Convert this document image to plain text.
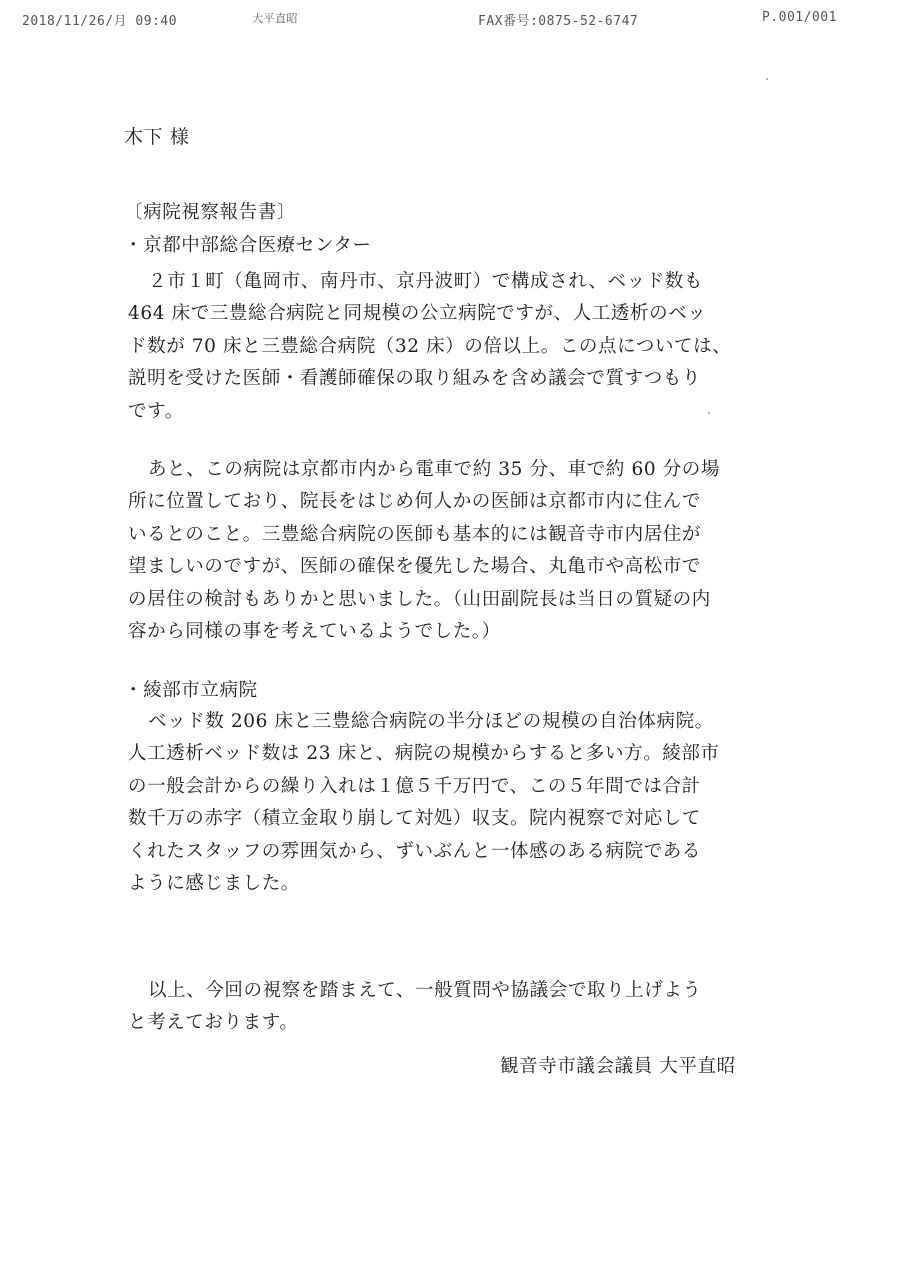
2018/11/26/月 09:40	大平直昭	FAX番号:0875-52-6747	P.001/001
木下 様
〔病院視察報告書〕
・京都中部総合医療センター
２市１町（亀岡市、南丹市、京丹波町）で構成され、ベッド数も
464 床で三豊総合病院と同規模の公立病院ですが、人工透析のベッ
ド数が 70 床と三豊総合病院（32 床）の倍以上。この点については、
説明を受けた医師・看護師確保の取り組みを含め議会で質すつもり
です。
あと、この病院は京都市内から電車で約 35 分、車で約 60 分の場
所に位置しており、院長をはじめ何人かの医師は京都市内に住んで
いるとのこと。三豊総合病院の医師も基本的には観音寺市内居住が
望ましいのですが、医師の確保を優先した場合、丸亀市や高松市で
の居住の検討もありかと思いました。（山田副院長は当日の質疑の内
容から同様の事を考えているようでした。）
・綾部市立病院
ベッド数 206 床と三豊総合病院の半分ほどの規模の自治体病院。
人工透析ベッド数は 23 床と、病院の規模からすると多い方。綾部市
の一般会計からの繰り入れは１億５千万円で、この５年間では合計
数千万の赤字（積立金取り崩して対処）収支。院内視察で対応して
くれたスタッフの雰囲気から、ずいぶんと一体感のある病院である
ように感じました。
以上、今回の視察を踏まえて、一般質問や協議会で取り上げよう
と考えております。
観音寺市議会議員 大平直昭
